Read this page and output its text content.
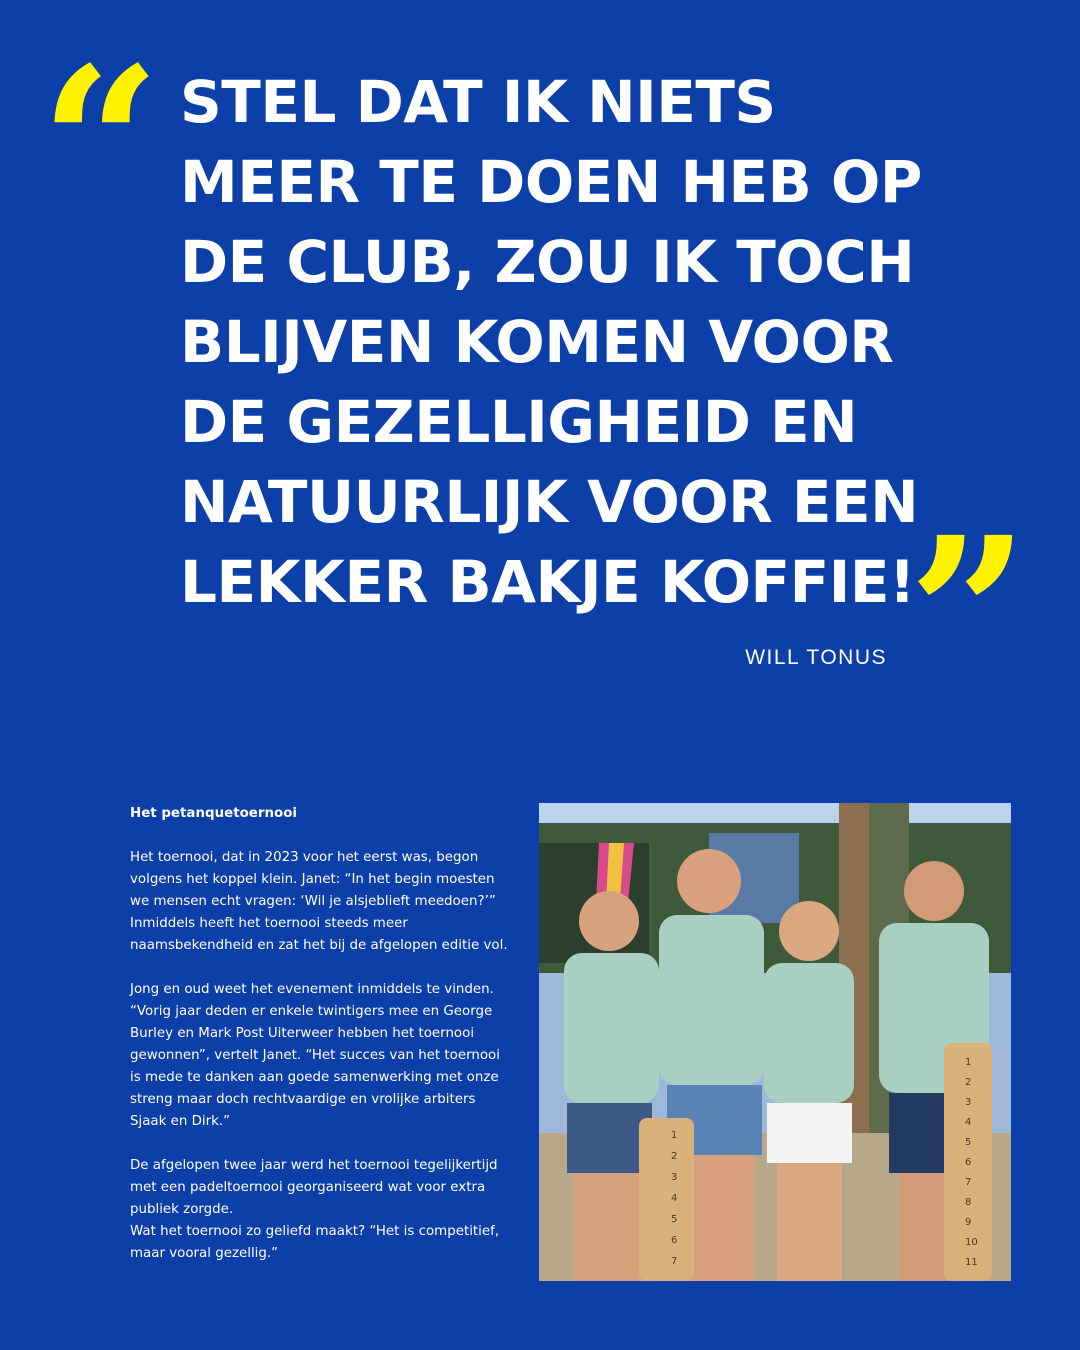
“ STEL DAT IK NIETS
MEER TE DOEN HEB OP
DE CLUB, ZOU IK TOCH
BLIJVEN KOMEN VOOR
DE GEZELLIGHEID EN
NATUURLIJK VOOR EEN
LEKKER BAKJE KOFFIE!
”
WILL TONUS
Het petanquetoernooi

Het toernooi, dat in 2023 voor het eerst was, begon volgens het koppel klein. Janet: “In het begin moesten we mensen echt vragen: ‘Wil je alsjeblieft meedoen?’” Inmiddels heeft het toernooi steeds meer naamsbekendheid en zat het bij de afgelopen editie vol.

Jong en oud weet het evenement inmiddels te vinden. “Vorig jaar deden er enkele twintigers mee en George Burley en Mark Post Uiterweer hebben het toernooi gewonnen”, vertelt Janet. “Het succes van het toernooi is mede te danken aan goede samenwerking met onze streng maar doch rechtvaardige en vrolijke arbiters Sjaak en Dirk.”

De afgelopen twee jaar werd het toernooi tegelijkertijd met een padeltoernooi georganiseerd wat voor extra publiek zorgde.

Wat het toernooi zo geliefd maakt? “Het is competitief, maar vooral gezellig.”

1
2
3
4
5
6
7
1
2
3
4
5
6
7
8
9
10
11
